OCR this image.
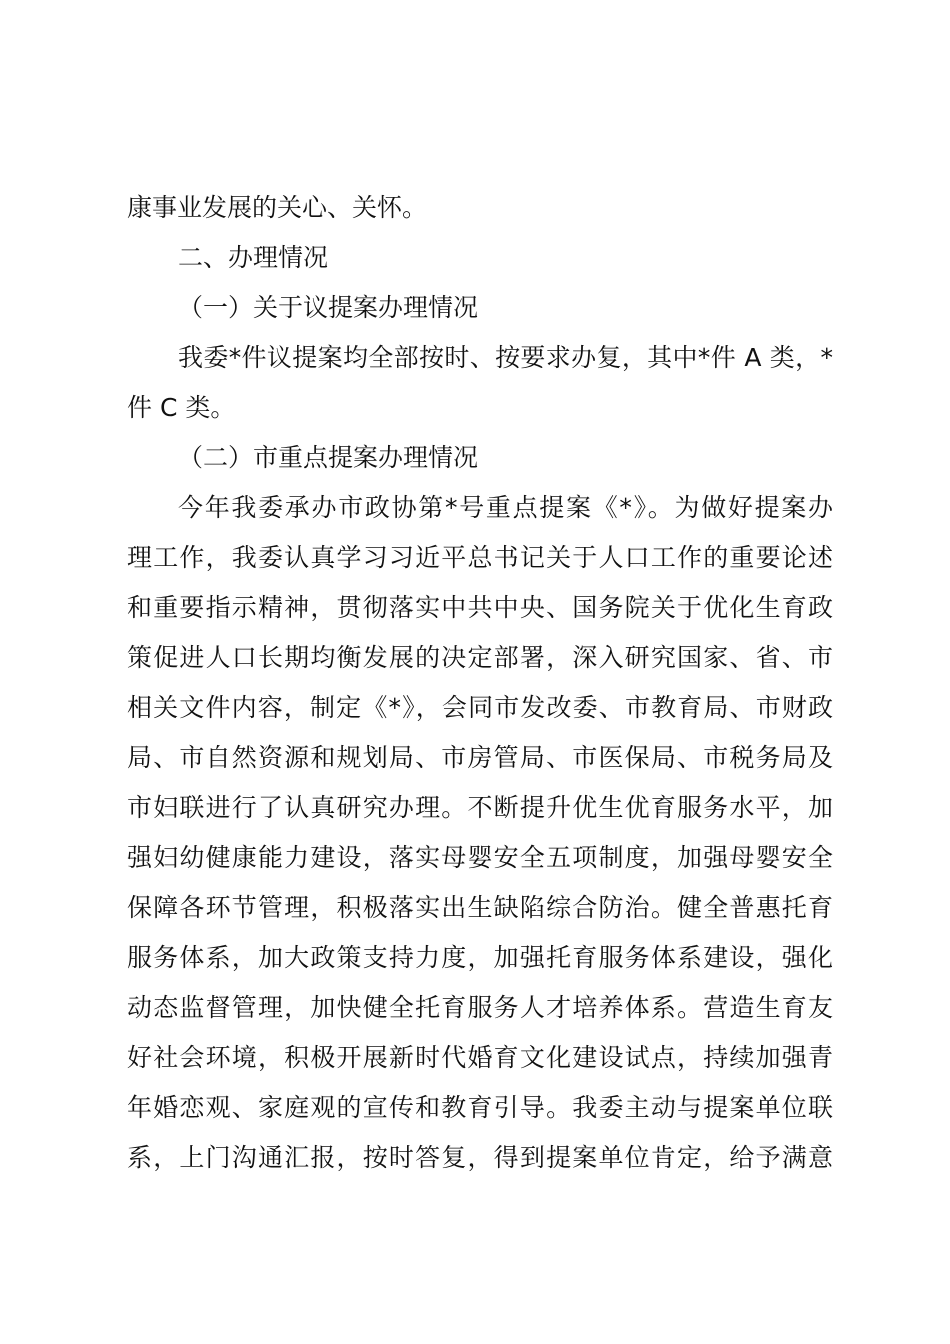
康事业发展的关心、关怀。
二、办理情况
（一）关于议提案办理情况
我委*件议提案均全部按时、按要求办复，其中*件 A 类，*
件 C 类。
（二）市重点提案办理情况
今年我委承办市政协第*号重点提案《*》。为做好提案办
理工作，我委认真学习习近平总书记关于人口工作的重要论述
和重要指示精神，贯彻落实中共中央、国务院关于优化生育政
策促进人口长期均衡发展的决定部署，深入研究国家、省、市
相关文件内容，制定《*》，会同市发改委、市教育局、市财政
局、市自然资源和规划局、市房管局、市医保局、市税务局及
市妇联进行了认真研究办理。不断提升优生优育服务水平，加
强妇幼健康能力建设，落实母婴安全五项制度，加强母婴安全
保障各环节管理，积极落实出生缺陷综合防治。健全普惠托育
服务体系，加大政策支持力度，加强托育服务体系建设，强化
动态监督管理，加快健全托育服务人才培养体系。营造生育友
好社会环境，积极开展新时代婚育文化建设试点，持续加强青
年婚恋观、家庭观的宣传和教育引导。我委主动与提案单位联
系，上门沟通汇报，按时答复，得到提案单位肯定，给予满意
